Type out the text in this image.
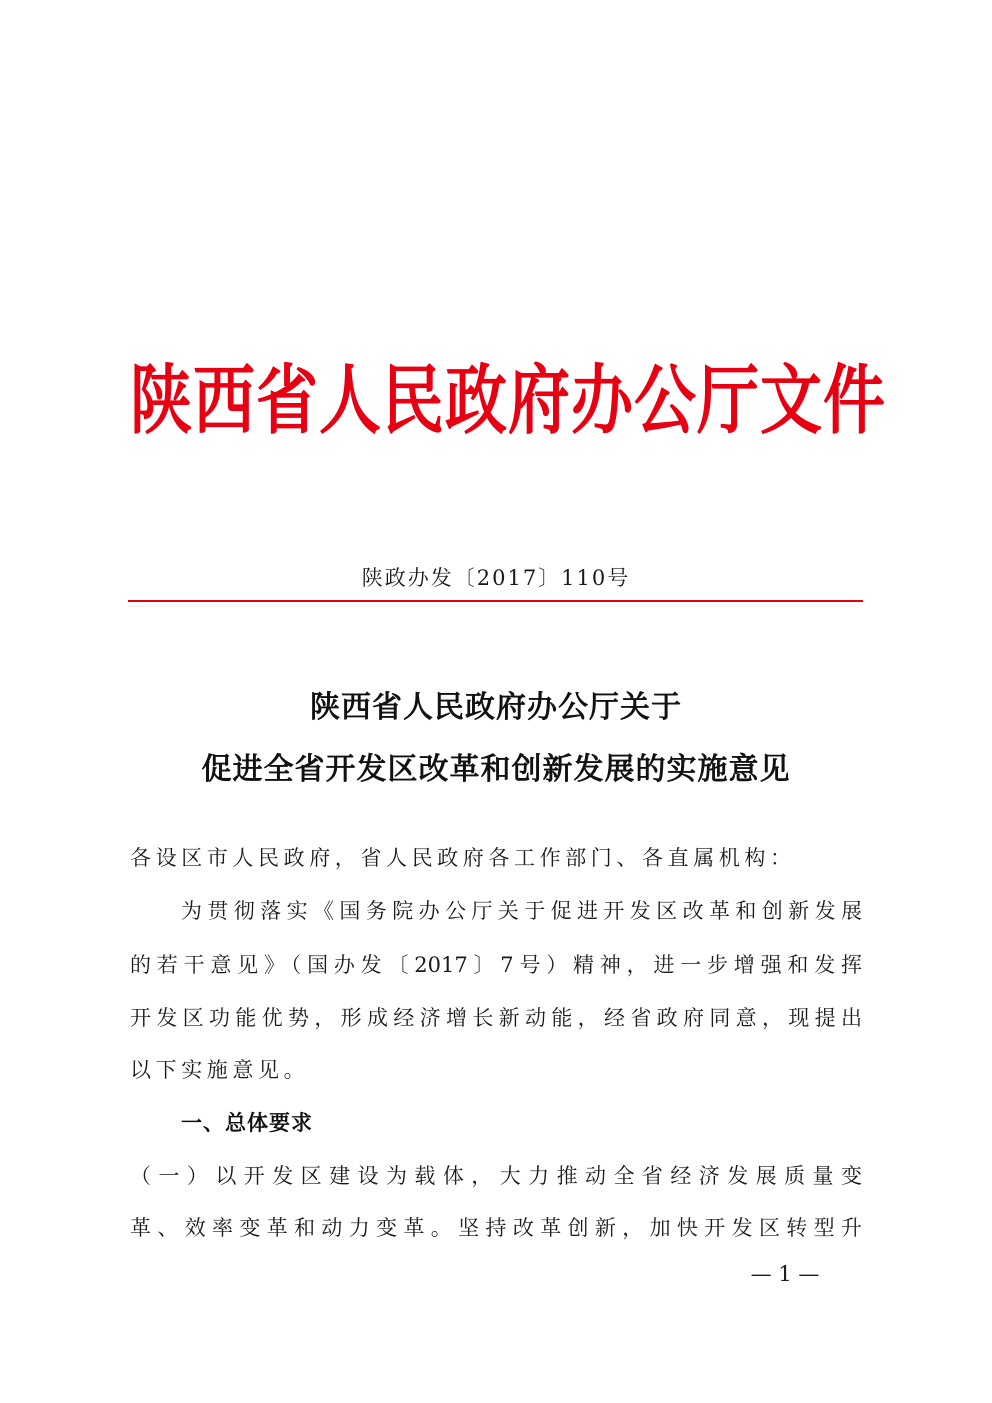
陕西省人民政府办公厅文件
陕政办发〔2017〕110号
陕西省人民政府办公厅关于
促进全省开发区改革和创新发展的实施意见
各设区市人民政府，省人民政府各工作部门、各直属机构：
为贯彻落实《国务院办公厅关于促进开发区改革和创新发展
的若干意见》（国办发〔2017〕7号）精神，进一步增强和发挥
开发区功能优势，形成经济增长新动能，经省政府同意，现提出
以下实施意见。
一、总体要求
（一）以开发区建设为载体，大力推动全省经济发展质量变
革、效率变革和动力变革。坚持改革创新，加快开发区转型升
— 1 —
